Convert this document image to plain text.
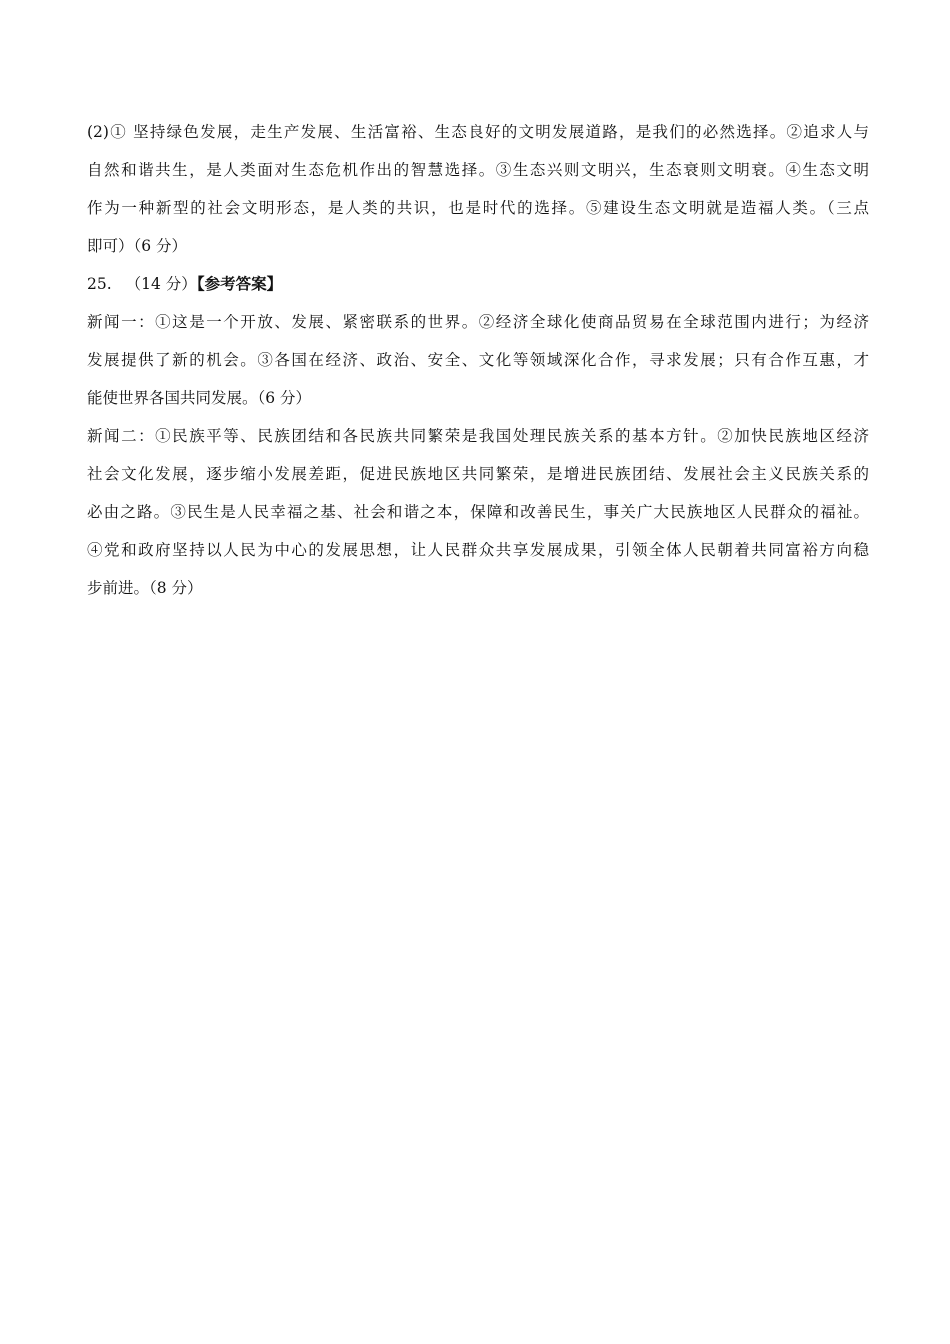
(2)① 坚持绿色发展，走生产发展、生活富裕、生态良好的文明发展道路，是我们的必然选择。②追求人与
自然和谐共生，是人类面对生态危机作出的智慧选择。③生态兴则文明兴，生态衰则文明衰。④生态文明
作为一种新型的社会文明形态，是人类的共识，也是时代的选择。⑤建设生态文明就是造福人类。（三点
即可）（6 分）
25. （14 分）【参考答案】
新闻一：①这是一个开放、发展、紧密联系的世界。②经济全球化使商品贸易在全球范围内进行；为经济
发展提供了新的机会。③各国在经济、政治、安全、文化等领域深化合作，寻求发展；只有合作互惠，才
能使世界各国共同发展。（6 分）
新闻二：①民族平等、民族团结和各民族共同繁荣是我国处理民族关系的基本方针。②加快民族地区经济
社会文化发展，逐步缩小发展差距，促进民族地区共同繁荣，是增进民族团结、发展社会主义民族关系的
必由之路。③民生是人民幸福之基、社会和谐之本，保障和改善民生，事关广大民族地区人民群众的福祉。
④党和政府坚持以人民为中心的发展思想，让人民群众共享发展成果，引领全体人民朝着共同富裕方向稳
步前进。（8 分）
